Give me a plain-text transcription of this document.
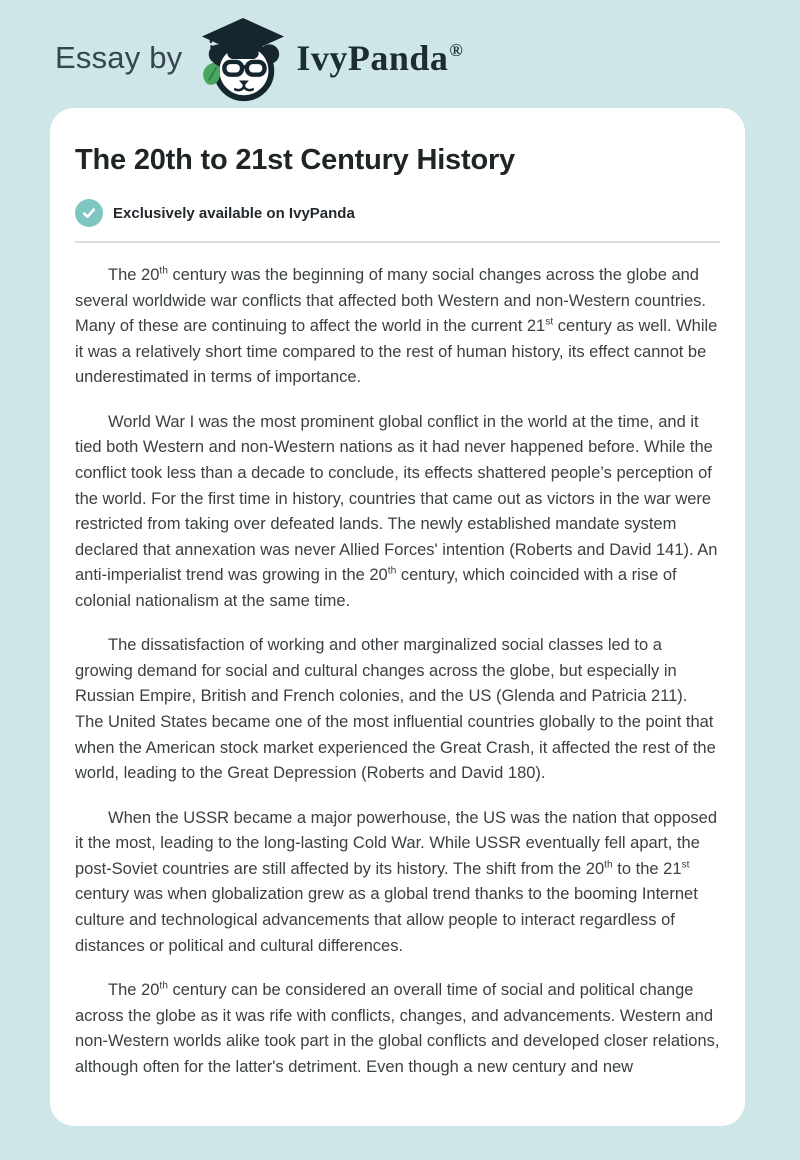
Essay by	IvyPanda®
The 20th to 21st Century History
Exclusively available on IvyPanda

The 20th century was the beginning of many social changes across the globe and several worldwide war conflicts that affected both Western and non-Western countries. Many of these are continuing to affect the world in the current 21st century as well. While it was a relatively short time compared to the rest of human history, its effect cannot be underestimated in terms of importance.

World War I was the most prominent global conflict in the world at the time, and it tied both Western and non-Western nations as it had never happened before. While the conflict took less than a decade to conclude, its effects shattered people’s perception of the world. For the first time in history, countries that came out as victors in the war were restricted from taking over defeated lands. The newly established mandate system declared that annexation was never Allied Forces' intention (Roberts and David 141). An anti-imperialist trend was growing in the 20th century, which coincided with a rise of colonial nationalism at the same time.

The dissatisfaction of working and other marginalized social classes led to a growing demand for social and cultural changes across the globe, but especially in Russian Empire, British and French colonies, and the US (Glenda and Patricia 211). The United States became one of the most influential countries globally to the point that when the American stock market experienced the Great Crash, it affected the rest of the world, leading to the Great Depression (Roberts and David 180).

When the USSR became a major powerhouse, the US was the nation that opposed it the most, leading to the long-lasting Cold War. While USSR eventually fell apart, the post-Soviet countries are still affected by its history. The shift from the 20th to the 21st century was when globalization grew as a global trend thanks to the booming Internet culture and technological advancements that allow people to interact regardless of distances or political and cultural differences.

The 20th century can be considered an overall time of social and political change across the globe as it was rife with conflicts, changes, and advancements. Western and non-Western worlds alike took part in the global conflicts and developed closer relations, although often for the latter's detriment. Even though a new century and new
